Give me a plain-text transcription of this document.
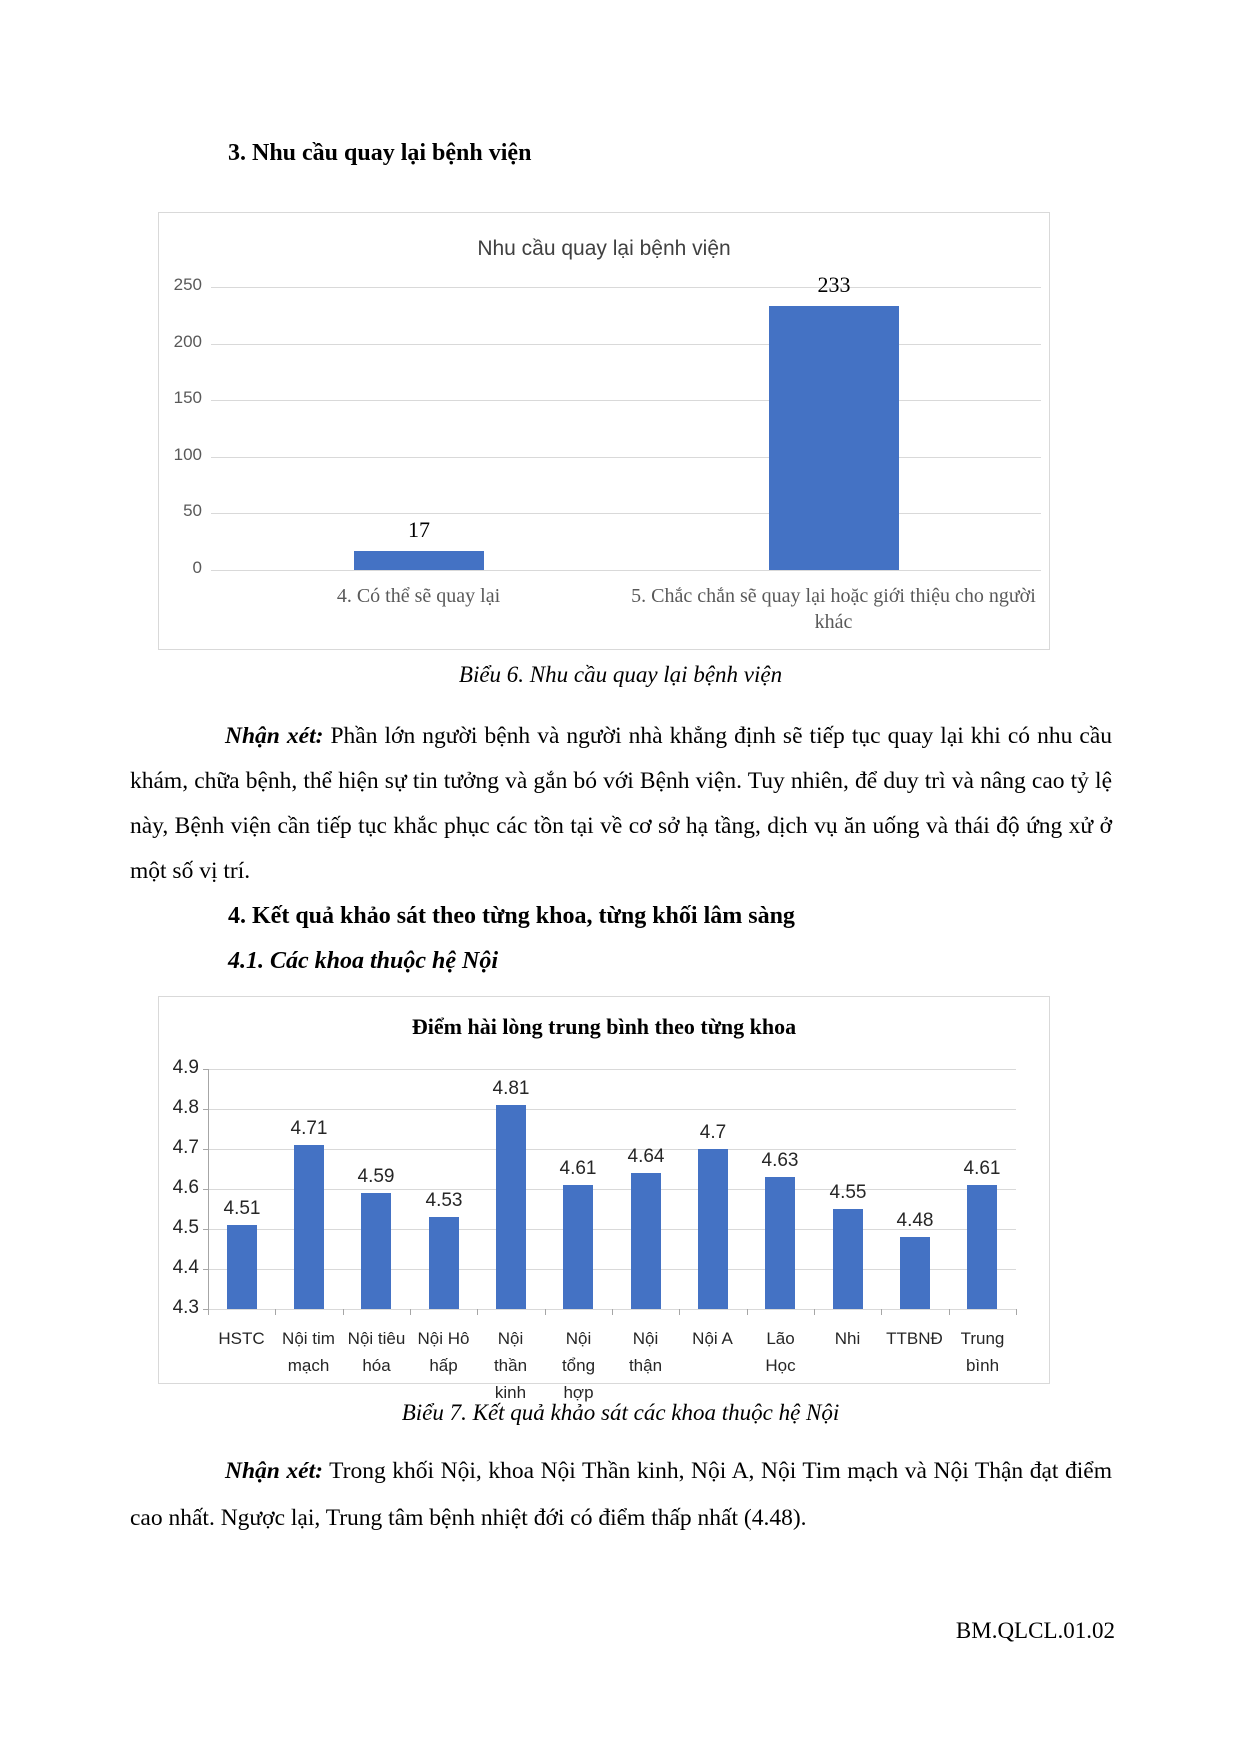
3. Nhu cầu quay lại bệnh viện
Nhu cầu quay lại bệnh viện
0
50
100
150
200
250
17
4. Có thể sẽ quay lại
233
5. Chắc chắn sẽ quay lại hoặc giới thiệu cho người khác
Biểu 6. Nhu cầu quay lại bệnh viện
Nhận xét: Phần lớn người bệnh và người nhà khẳng định sẽ tiếp tục quay lại khi có nhu cầu khám, chữa bệnh, thể hiện sự tin tưởng và gắn bó với Bệnh viện. Tuy nhiên, để duy trì và nâng cao tỷ lệ này, Bệnh viện cần tiếp tục khắc phục các tồn tại về cơ sở hạ tầng, dịch vụ ăn uống và thái độ ứng xử ở một số vị trí.
4. Kết quả khảo sát theo từng khoa, từng khối lâm sàng
4.1. Các khoa thuộc hệ Nội
Điểm hài lòng trung bình theo từng khoa
4.3
4.4
4.5
4.6
4.7
4.8
4.9
4.51
HSTC
4.71
Nội tim mạch
4.59
Nội tiêu hóa
4.53
Nội Hô hấp
4.81
Nội thần kinh
4.61
Nội tổng hợp
4.64
Nội thận
4.7
Nội A
4.63
Lão Học
4.55
Nhi
4.48
TTBNĐ
4.61
Trung bình
Biểu 7. Kết quả khảo sát các khoa thuộc hệ Nội
Nhận xét: Trong khối Nội, khoa Nội Thần kinh, Nội A, Nội Tim mạch và Nội Thận đạt điểm cao nhất. Ngược lại, Trung tâm bệnh nhiệt đới có điểm thấp nhất (4.48).
BM.QLCL.01.02
